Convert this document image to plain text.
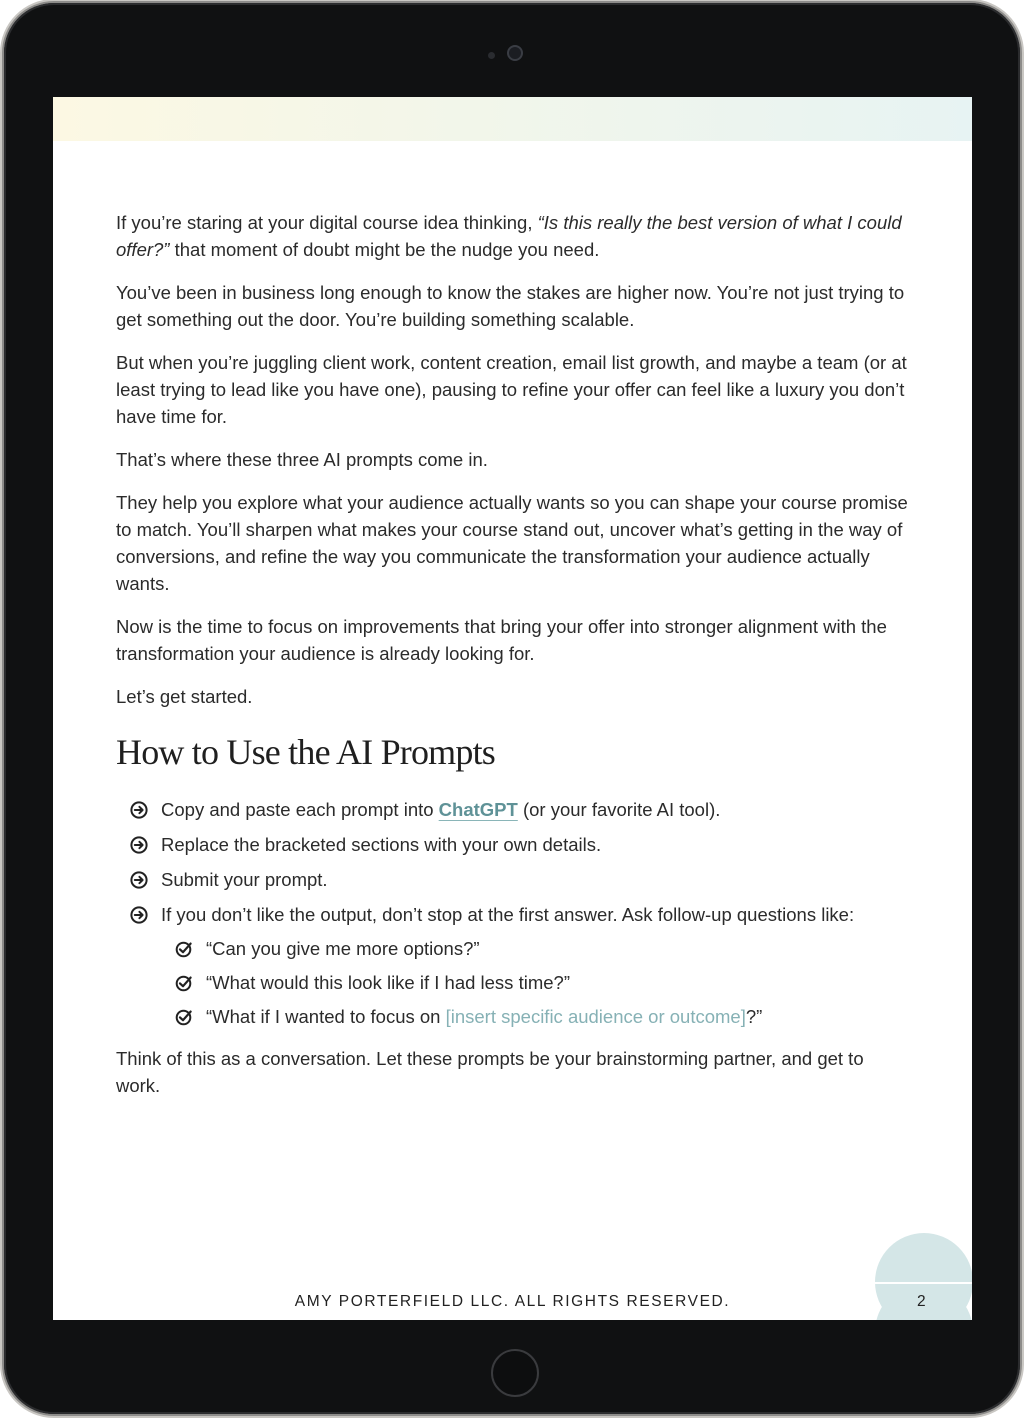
If you’re staring at your digital course idea thinking, “Is this really the best version of what I could offer?” that moment of doubt might be the nudge you need.

You’ve been in business long enough to know the stakes are higher now. You’re not just trying to get something out the door. You’re building something scalable.

But when you’re juggling client work, content creation, email list growth, and maybe a team (or at least trying to lead like you have one), pausing to refine your offer can feel like a luxury you don’t have time for.

That’s where these three AI prompts come in.

They help you explore what your audience actually wants so you can shape your course promise to match. You’ll sharpen what makes your course stand out, uncover what’s getting in the way of conversions, and refine the way you communicate the transformation your audience actually wants.

Now is the time to focus on improvements that bring your offer into stronger alignment with the transformation your audience is already looking for.

Let’s get started.

How to Use the AI Prompts
Copy and paste each prompt into ChatGPT (or your favorite AI tool).
Replace the bracketed sections with your own details.
Submit your prompt.
If you don’t like the output, don’t stop at the first answer. Ask follow-up questions like:
“Can you give me more options?”
“What would this look like if I had less time?”
“What if I wanted to focus on [insert specific audience or outcome]?”

Think of this as a conversation. Let these prompts be your brainstorming partner, and get to work.

AMY PORTERFIELD LLC. ALL RIGHTS RESERVED.	2
